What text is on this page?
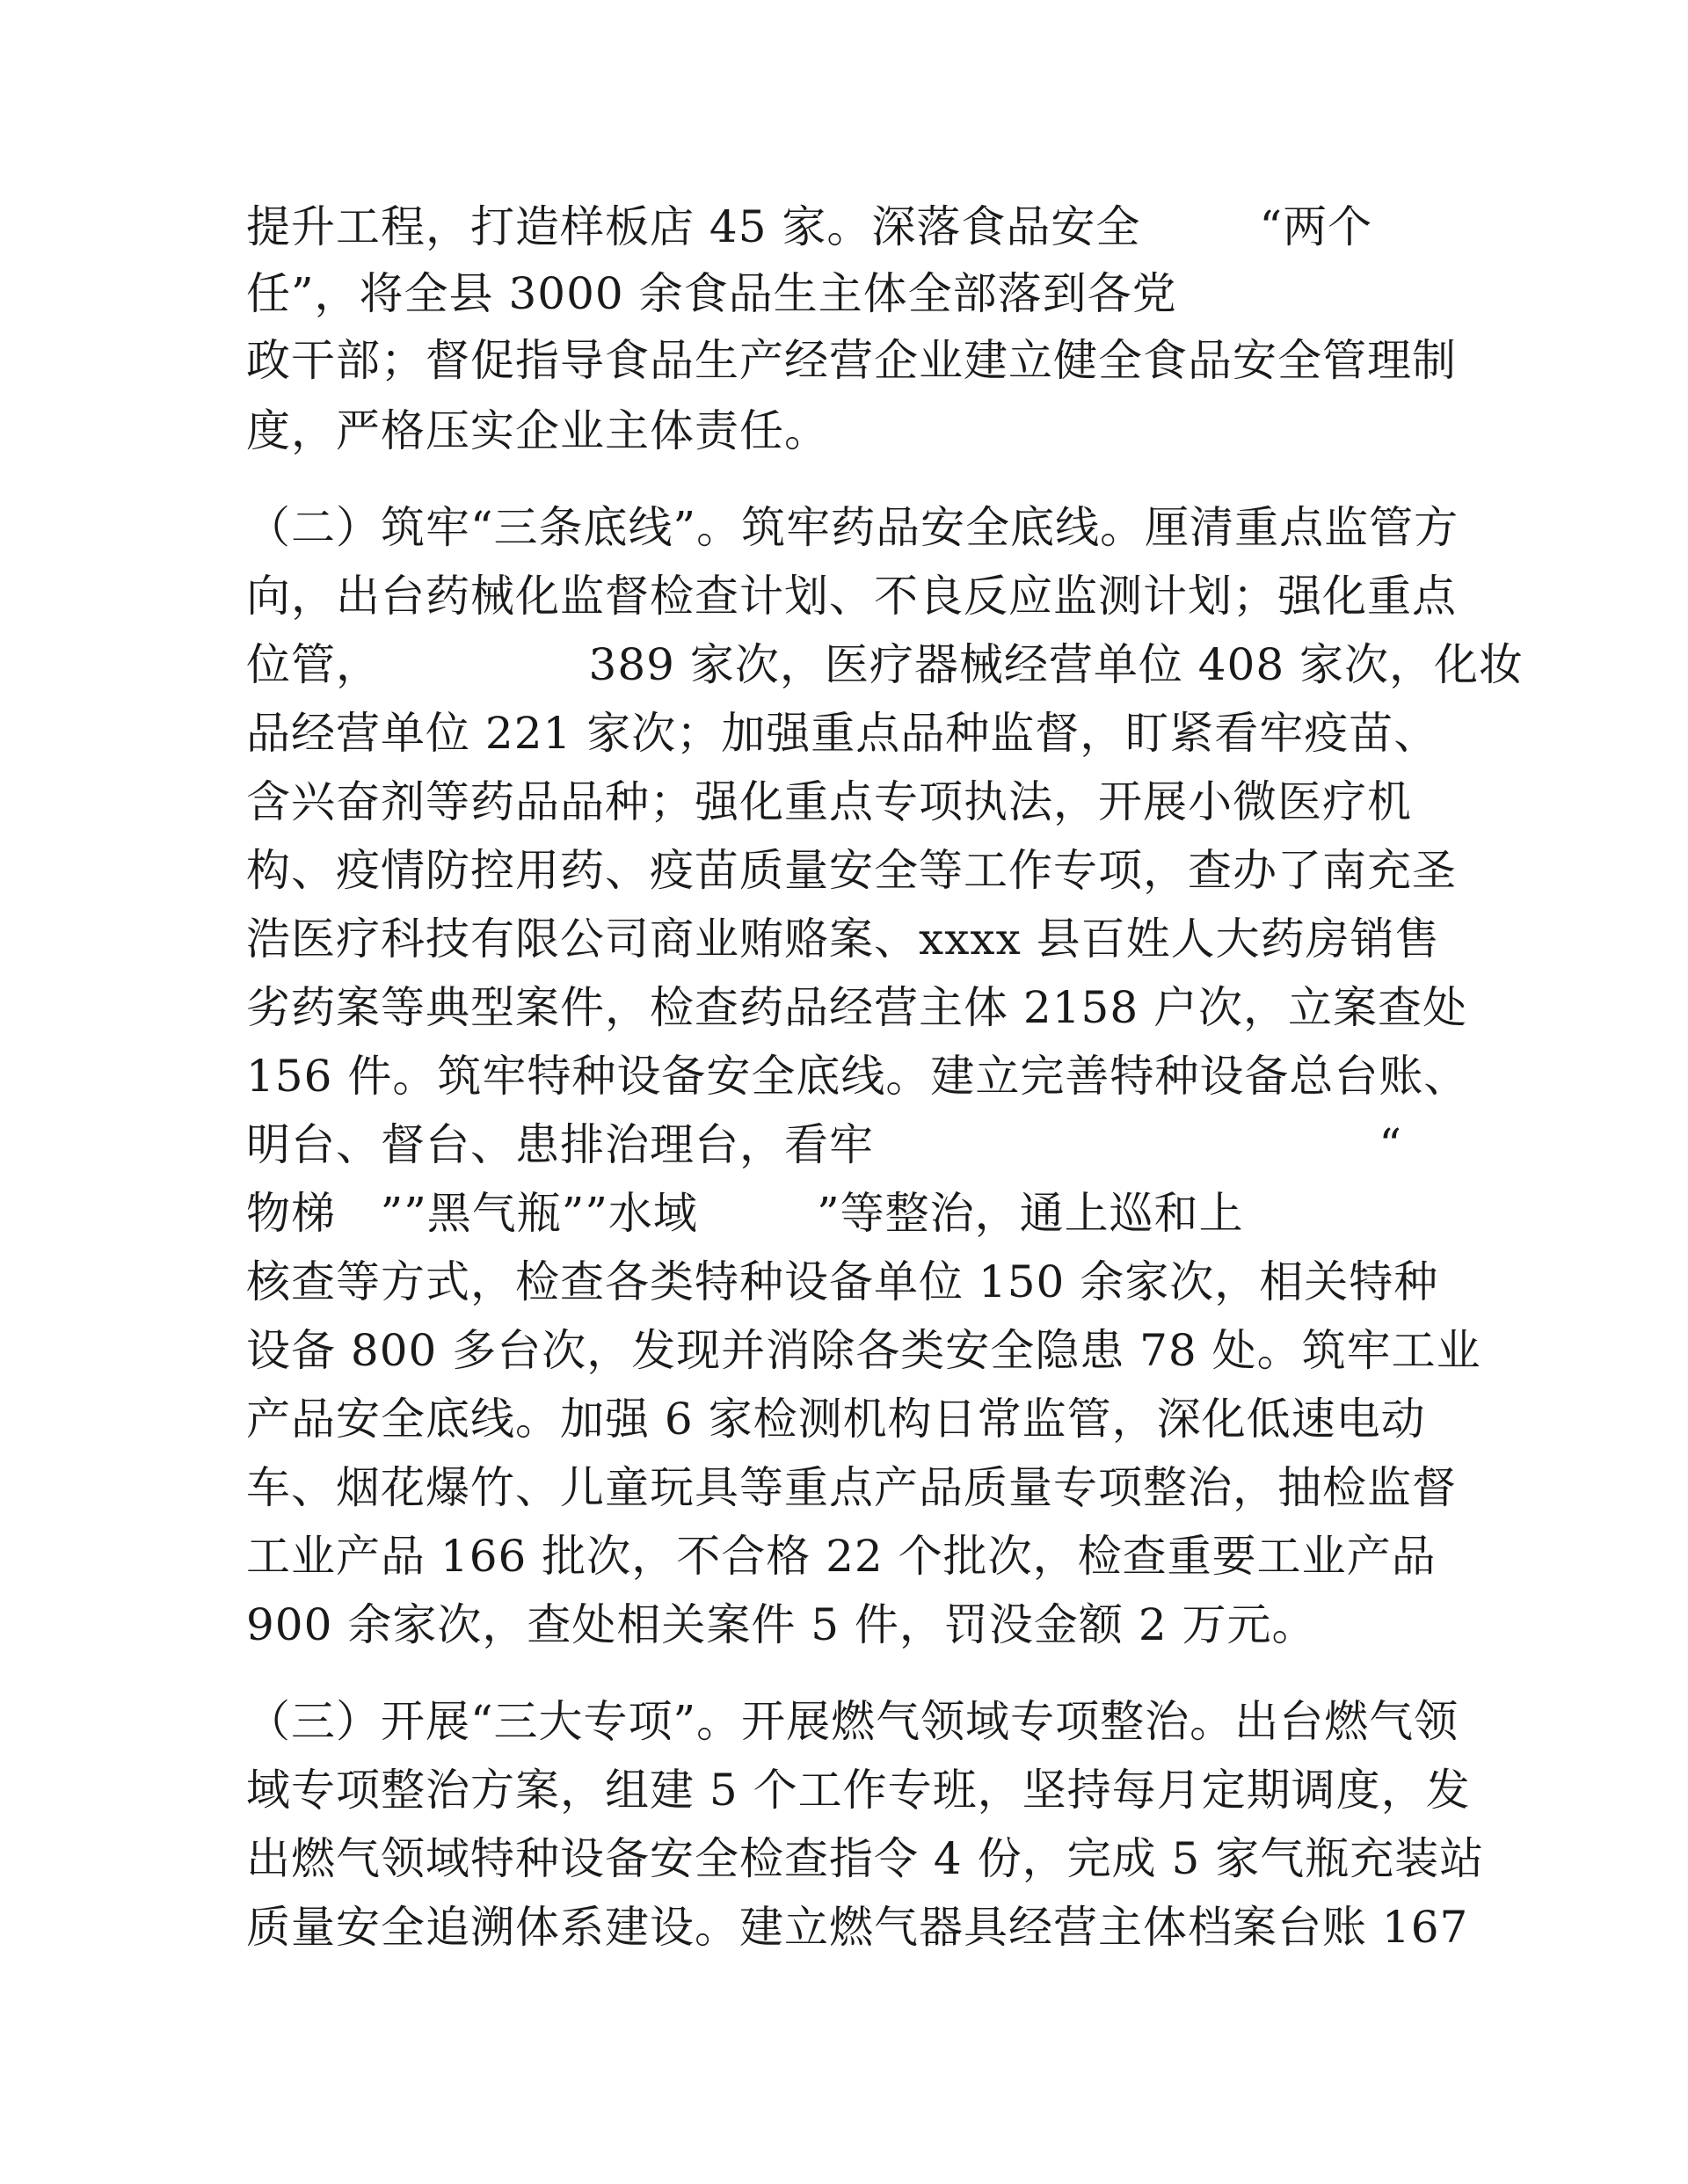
提升工程，打造样板店 45 家。深落食品安全        “两个
任”，将全县 3000 余食品生主体全部落到各党
政干部；督促指导食品生产经营企业建立健全食品安全管理制
度，严格压实企业主体责任。
（二）筑牢“三条底线”。筑牢药品安全底线。厘清重点监管方
向，出台药械化监督检查计划、不良反应监测计划；强化重点
位管，              389 家次，医疗器械经营单位 408 家次，化妆
品经营单位 221 家次；加强重点品种监督，盯紧看牢疫苗、
含兴奋剂等药品品种；强化重点专项执法，开展小微医疗机
构、疫情防控用药、疫苗质量安全等工作专项，查办了南充圣
浩医疗科技有限公司商业贿赂案、xxxx 县百姓人大药房销售
劣药案等典型案件，检查药品经营主体 2158 户次，立案查处
156 件。筑牢特种设备安全底线。建立完善特种设备总台账、
明台、督台、患排治理台，看牢                                  “
物梯   ””黑气瓶””水域        ”等整治，通上巡和上
核查等方式，检查各类特种设备单位 150 余家次，相关特种
设备 800 多台次，发现并消除各类安全隐患 78 处。筑牢工业
产品安全底线。加强 6 家检测机构日常监管，深化低速电动
车、烟花爆竹、儿童玩具等重点产品质量专项整治，抽检监督
工业产品 166 批次，不合格 22 个批次，检查重要工业产品
900 余家次，查处相关案件 5 件，罚没金额 2 万元。
（三）开展“三大专项”。开展燃气领域专项整治。出台燃气领
域专项整治方案，组建 5 个工作专班，坚持每月定期调度，发
出燃气领域特种设备安全检查指令 4 份，完成 5 家气瓶充装站
质量安全追溯体系建设。建立燃气器具经营主体档案台账 167
